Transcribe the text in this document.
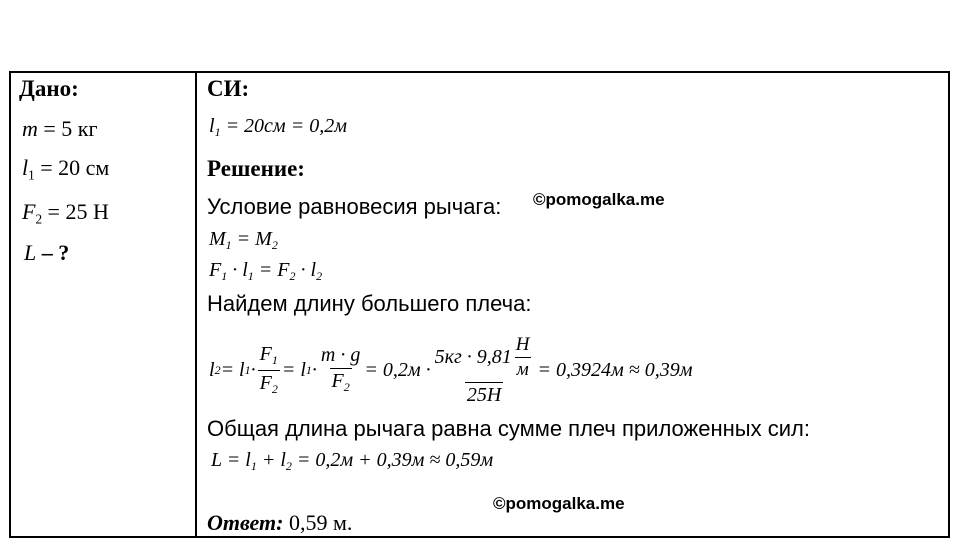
Дано:
m = 5 кг
$l_1 = 20$ см
$F_2 = 25$ Н
L – ?
СИ:
$l_1 = 20см = 0,2м$
Решение:
Условие равновесия рычага: ©pomogalka.me
$M_1 = M_2$
$F_1 \cdot l_1 = F_2 \cdot l_2$
Найдем длину большего плеча:
l 2 = l $1 \cdot \frac{F_1}{F_2} = l$ $1 \cdot \frac{m \cdot g}{F_2} = 0,2м \cdot \frac{5кг \cdot 9,81 \frac{H}{м}}{25H} = 0,3924м \approx 0,39м$
Общая длина рычага равна сумме плеч приложенных сил:
$L = l_1 + l_2 = 0,2м + 0,39м \approx 0,59м$
©pomogalka.me
Ответ: 0,59 м.
